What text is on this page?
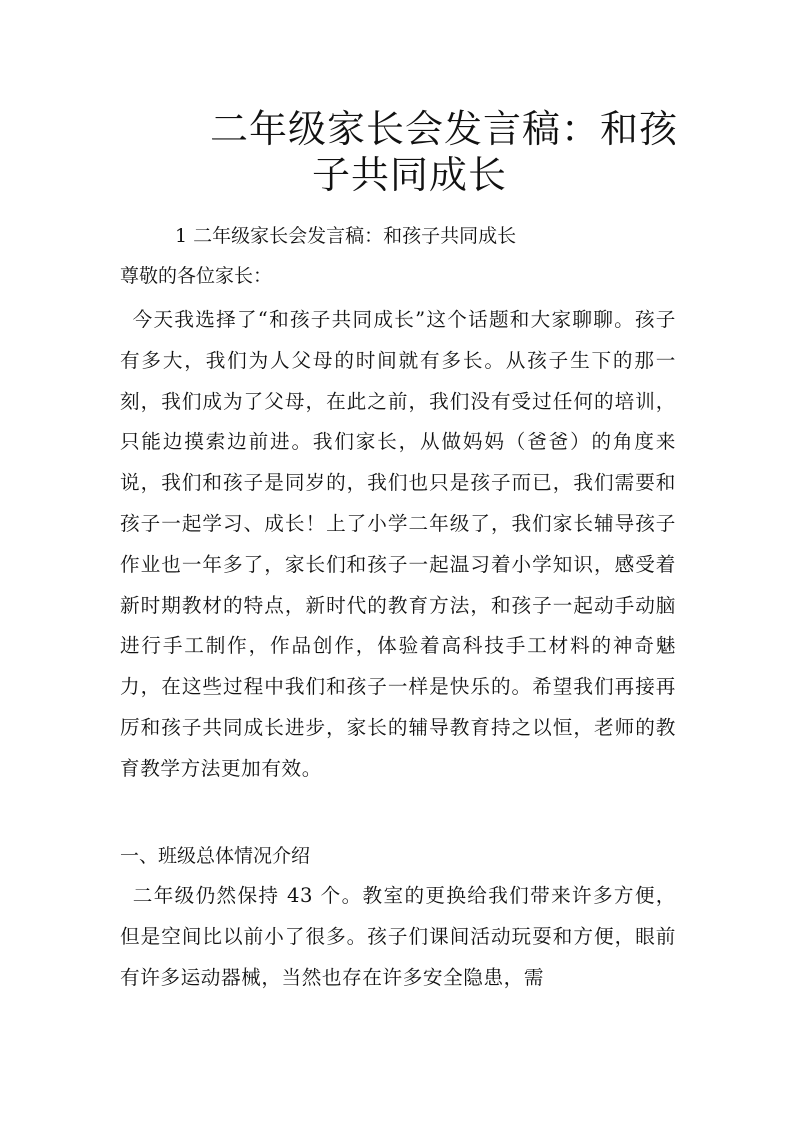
二年级家长会发言稿：和孩
子共同成长
1 二年级家长会发言稿：和孩子共同成长
尊敬的各位家长：
今天我选择了“和孩子共同成长”这个话题和大家聊聊。孩子有多大，我们为人父母的时间就有多长。从孩子生下的那一刻，我们成为了父母，在此之前，我们没有受过任何的培训，只能边摸索边前进。我们家长，从做妈妈（爸爸）的角度来说，我们和孩子是同岁的，我们也只是孩子而已，我们需要和孩子一起学习、成长！上了小学二年级了，我们家长辅导孩子作业也一年多了，家长们和孩子一起温习着小学知识，感受着新时期教材的特点，新时代的教育方法，和孩子一起动手动脑进行手工制作，作品创作，体验着高科技手工材料的神奇魅力，在这些过程中我们和孩子一样是快乐的。希望我们再接再厉和孩子共同成长进步，家长的辅导教育持之以恒，老师的教育教学方法更加有效。
一、班级总体情况介绍
二年级仍然保持 43 个。教室的更换给我们带来许多方便，但是空间比以前小了很多。孩子们课间活动玩耍和方便，眼前有许多运动器械，当然也存在许多安全隐患，需
